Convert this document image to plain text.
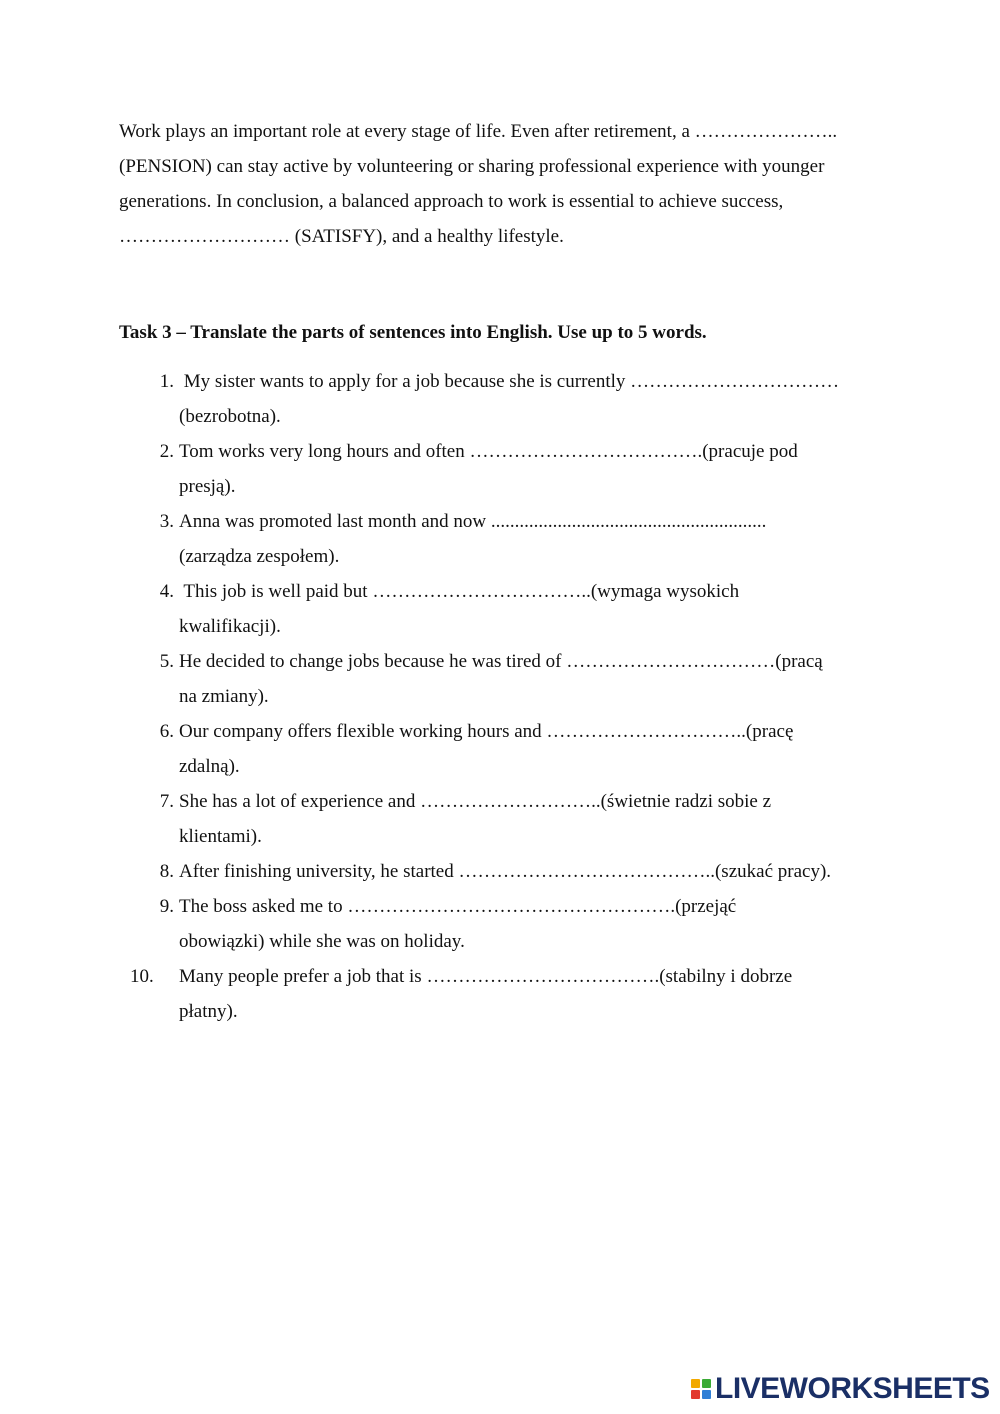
Work plays an important role at every stage of life. Even after retirement, a …………………..
(PENSION) can stay active by volunteering or sharing professional experience with younger
generations. In conclusion, a balanced approach to work is essential to achieve success,
……………………… (SATISFY), and a healthy lifestyle.
Task 3 – Translate the parts of sentences into English. Use up to 5 words.
1. My sister wants to apply for a job because she is currently ……………………………
(bezrobotna).
2. Tom works very long hours and often ……………………………….(pracuje pod
presją).
3. Anna was promoted last month and now ..........................................................
(zarządza zespołem).
4. This job is well paid but ……………………………..(wymaga wysokich
kwalifikacji).
5. He decided to change jobs because he was tired of ……………………………(pracą
na zmiany).
6. Our company offers flexible working hours and …………………………..(pracę
zdalną).
7. She has a lot of experience and ………………………..(świetnie radzi sobie z
klientami).
8. After finishing university, he started …………………………………..(szukać pracy).
9. The boss asked me to …………………………………………….(przejąć
obowiązki) while she was on holiday.
10.	Many people prefer a job that is ……………………………….(stabilny i dobrze
płatny).
LIVEWORKSHEETS
